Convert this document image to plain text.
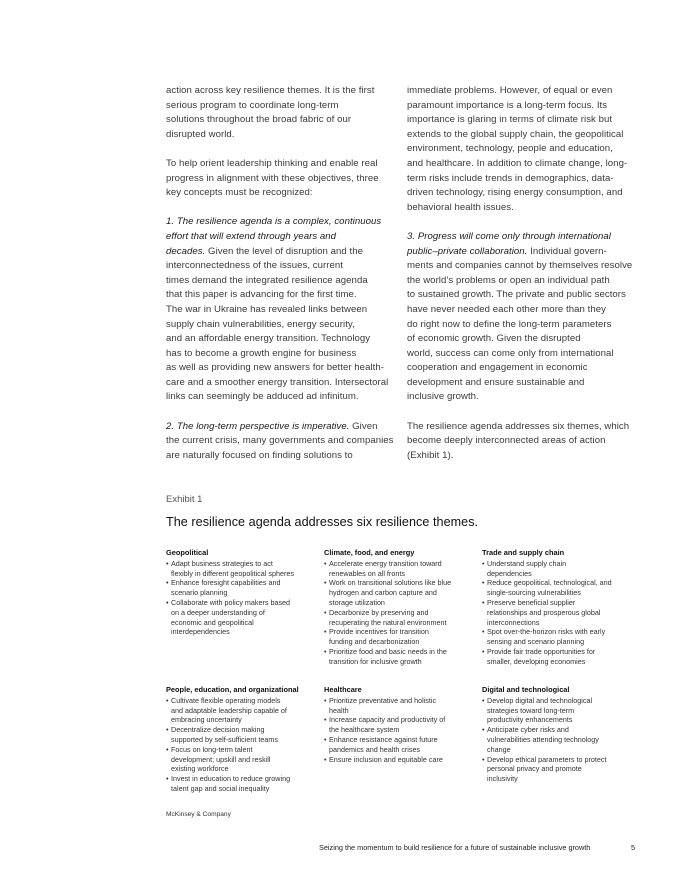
action across key resilience themes. It is the first
serious program to coordinate long-term
solutions throughout the broad fabric of our
disrupted world.

To help orient leadership thinking and enable real
progress in alignment with these objectives, three
key concepts must be recognized:

1. The resilience agenda is a complex, continuous
effort that will extend through years and
decades. Given the level of disruption and the
interconnectedness of the issues, current
times demand the integrated resilience agenda
that this paper is advancing for the first time.
The war in Ukraine has revealed links between
supply chain vulnerabilities, energy security,
and an affordable energy transition. Technology
has to become a growth engine for business
as well as providing new answers for better health-
care and a smoother energy transition. Intersectoral
links can seemingly be adduced ad infinitum.

2. The long-term perspective is imperative. Given
the current crisis, many governments and companies
are naturally focused on finding solutions to

immediate problems. However, of equal or even
paramount importance is a long-term focus. Its
importance is glaring in terms of climate risk but
extends to the global supply chain, the geopolitical
environment, technology, people and education,
and healthcare. In addition to climate change, long-
term risks include trends in demographics, data-
driven technology, rising energy consumption, and
behavioral health issues.

3. Progress will come only through international
public–private collaboration. Individual govern-
ments and companies cannot by themselves resolve
the world’s problems or open an individual path
to sustained growth. The private and public sectors
have never needed each other more than they
do right now to define the long-term parameters
of economic growth. Given the disrupted
world, success can come only from international
cooperation and engagement in economic
development and ensure sustainable and
inclusive growth.

The resilience agenda addresses six themes, which
become deeply interconnected areas of action
(Exhibit 1).

Exhibit 1
The resilience agenda addresses six resilience themes.
Geopolitical
• Adapt business strategies to act
flexibly in different geopolitical spheres
• Enhance foresight capabilities and
scenario planning
• Collaborate with policy makers based
on a deeper understanding of
economic and geopolitical
interdependencies
Climate, food, and energy
• Accelerate energy transition toward
renewables on all fronts
• Work on transitional solutions like blue
hydrogen and carbon capture and
storage utilization
• Decarbonize by preserving and
recuperating the natural environment
• Provide incentives for transition
funding and decarbonization
• Prioritize food and basic needs in the
transition for inclusive growth
Trade and supply chain
• Understand supply chain
dependencies
• Reduce geopolitical, technological, and
single-sourcing vulnerabilities
• Preserve beneficial supplier
relationships and prosperous global
interconnections
• Spot over-the-horizon risks with early
sensing and scenario planning
• Provide fair trade opportunities for
smaller, developing economies
People, education, and organizational
• Cultivate flexible operating models
and adaptable leadership capable of
embracing uncertainty
• Decentralize decision making
supported by self-sufficient teams
• Focus on long-term talent
development; upskill and reskill
existing workforce
• Invest in education to reduce growing
talent gap and social inequality
Healthcare
• Prioritize preventative and holistic
health
• Increase capacity and productivity of
the healthcare system
• Enhance resistance against future
pandemics and health crises
• Ensure inclusion and equitable care
Digital and technological
• Develop digital and technological
strategies toward long-term
productivity enhancements
• Anticipate cyber risks and
vulnerabilities attending technology
change
• Develop ethical parameters to protect
personal privacy and promote
inclusivity
McKinsey & Company
Seizing the momentum to build resilience for a future of sustainable inclusive growth	5
